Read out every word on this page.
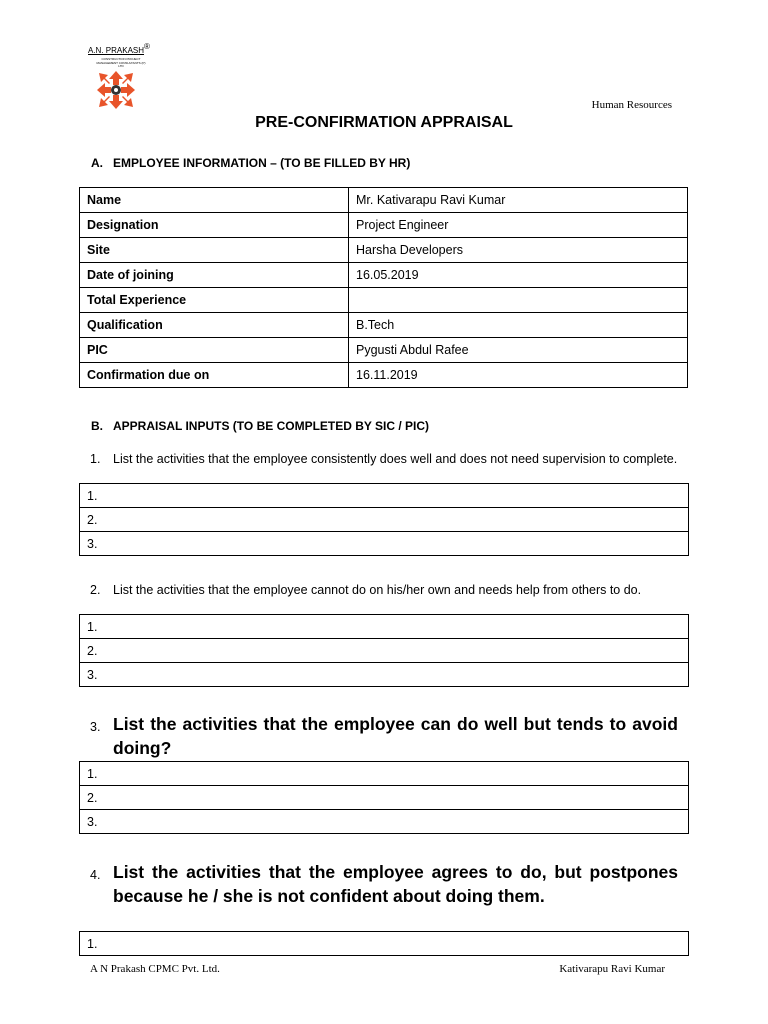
A.N. PRAKASH ®
CONSTRUCTION PROJECT MANAGEMENT CONSULTANTS (P) LTD
Human Resources
PRE-CONFIRMATION APPRAISAL
A. EMPLOYEE INFORMATION – (TO BE FILLED BY HR)
Name	Mr. Kativarapu Ravi Kumar
Designation	Project Engineer
Site	Harsha Developers
Date of joining	16.05.2019
Total Experience	
Qualification	B.Tech
PIC	Pygusti Abdul Rafee
Confirmation due on	16.11.2019
B. APPRAISAL INPUTS (TO BE COMPLETED BY SIC / PIC)
1.	List the activities that the employee consistently does well and does not need supervision to complete.
1.
2.
3.
2.	List the activities that the employee cannot do on his/her own and needs help from others to do.
1.
2.
3.
3. List the activities that the employee can do well but tends to avoid doing?
1.
2.
3.
4. List the activities that the employee agrees to do, but postpones because he / she is not confident about doing them.
1.
A N Prakash CPMC Pvt. Ltd.	Kativarapu Ravi Kumar
